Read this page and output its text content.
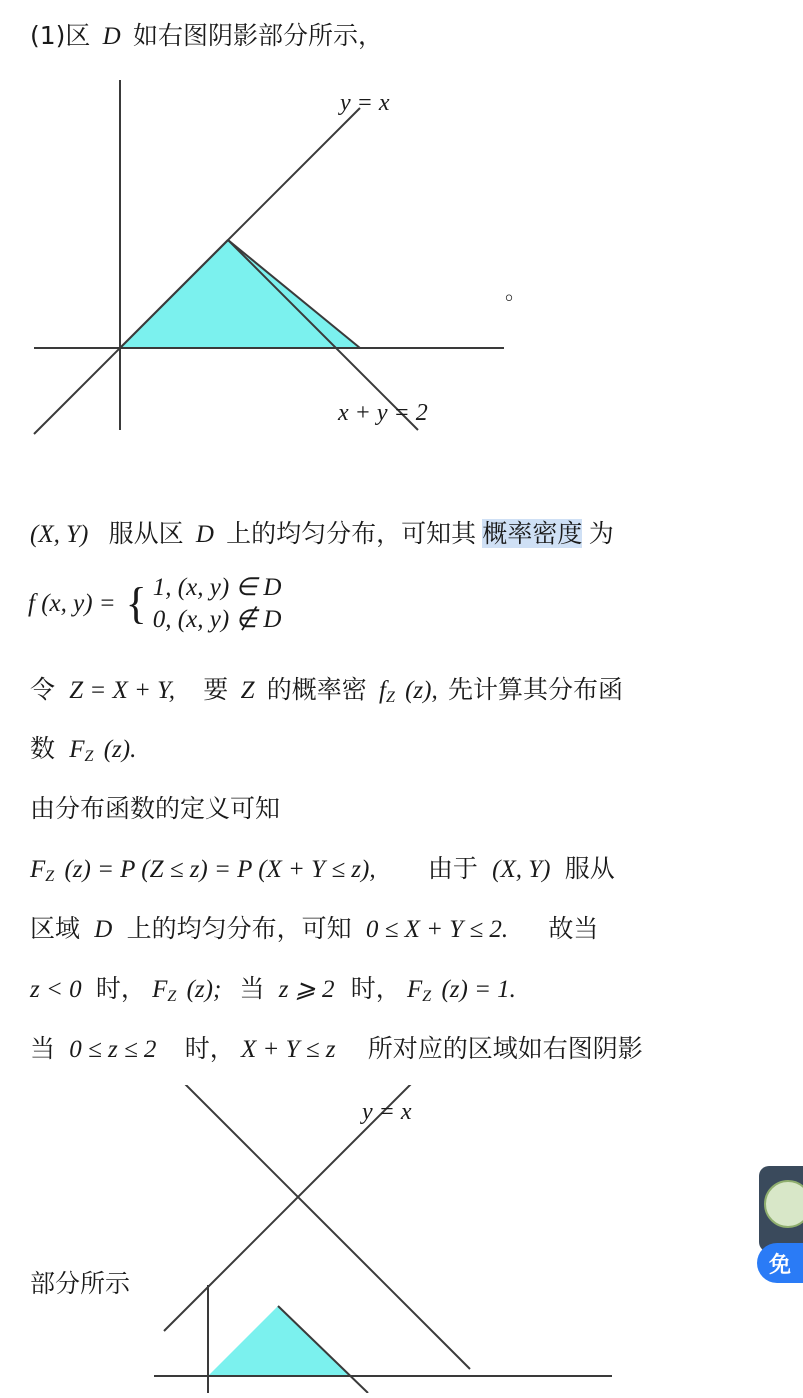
(1)区 D 如右图阴影部分所示，
y = x
x + y = 2
。
(X, Y) 服从区 D 上的均匀分布，可知其 概率密度 为
f (x, y) = { 1, (x, y) ∈ D
0, (x, y) ∉ D
令 Z = X + Y, 要 Z 的概率密 $f_Z$ (z), 先计算其分布函
数 $F_Z$ (z).
由分布函数的定义可知
$F_Z$ (z) = P (Z ≤ z) = P (X + Y ≤ z), 由于 (X, Y) 服从
区域 D 上的均匀分布，可知 0 ≤ X + Y ≤ 2. 故当
z < 0 时， $F_Z$ (z); 当 z ⩾ 2 时， $F_Z$ (z) = 1.
当 0 ≤ z ≤ 2 时， X + Y ≤ z 所对应的区域如右图阴影
y = x
部分所示
免
